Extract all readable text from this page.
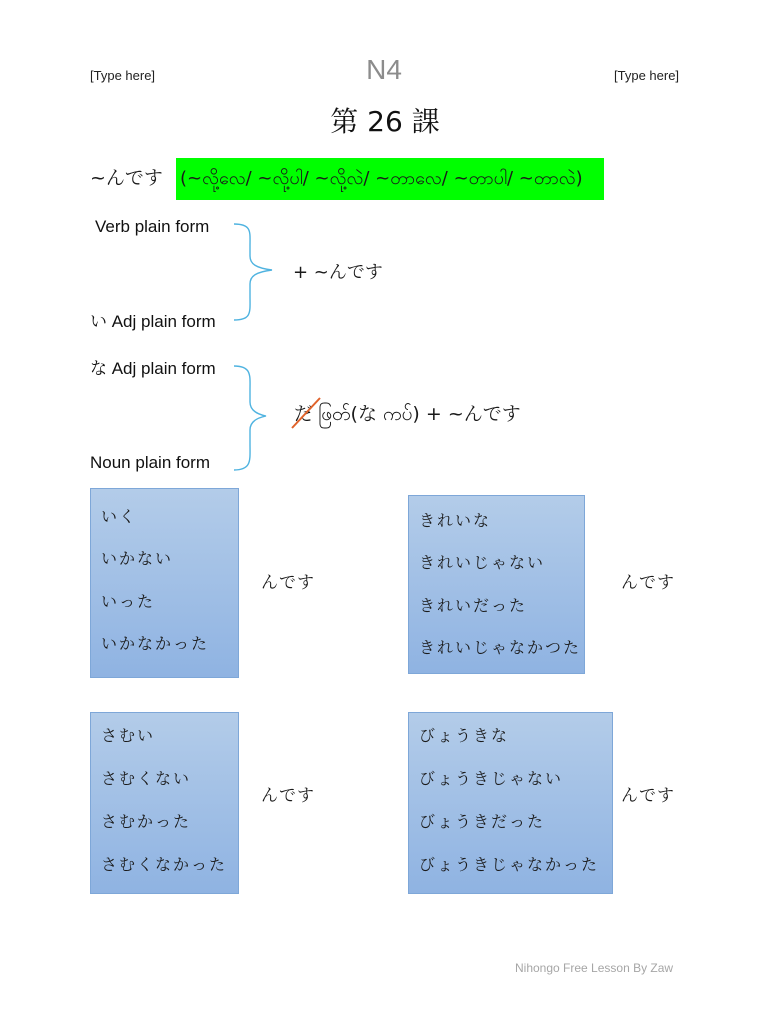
[Type here]	N4	[Type here]
第 26 課
~んです (~လို့လေ/ ~လို့ပါ/ ~လို့လဲ/ ~တာလေ/ ~တာပါ/ ~တာလဲ)
Verb plain form
い Adj plain form
+ ~んです
な Adj plain form
Noun plain form
だ ဖြတ်(な ကပ်) + ~んです
いく
いかない
いった
いかなかった
んです
きれいな
きれいじゃない
きれいだった
きれいじゃなかつた
んです
さむい
さむくない
さむかった
さむくなかった
んです
びょうきな
びょうきじゃない
びょうきだった
びょうきじゃなかった
んです
Nihongo Free Lesson By Zaw
